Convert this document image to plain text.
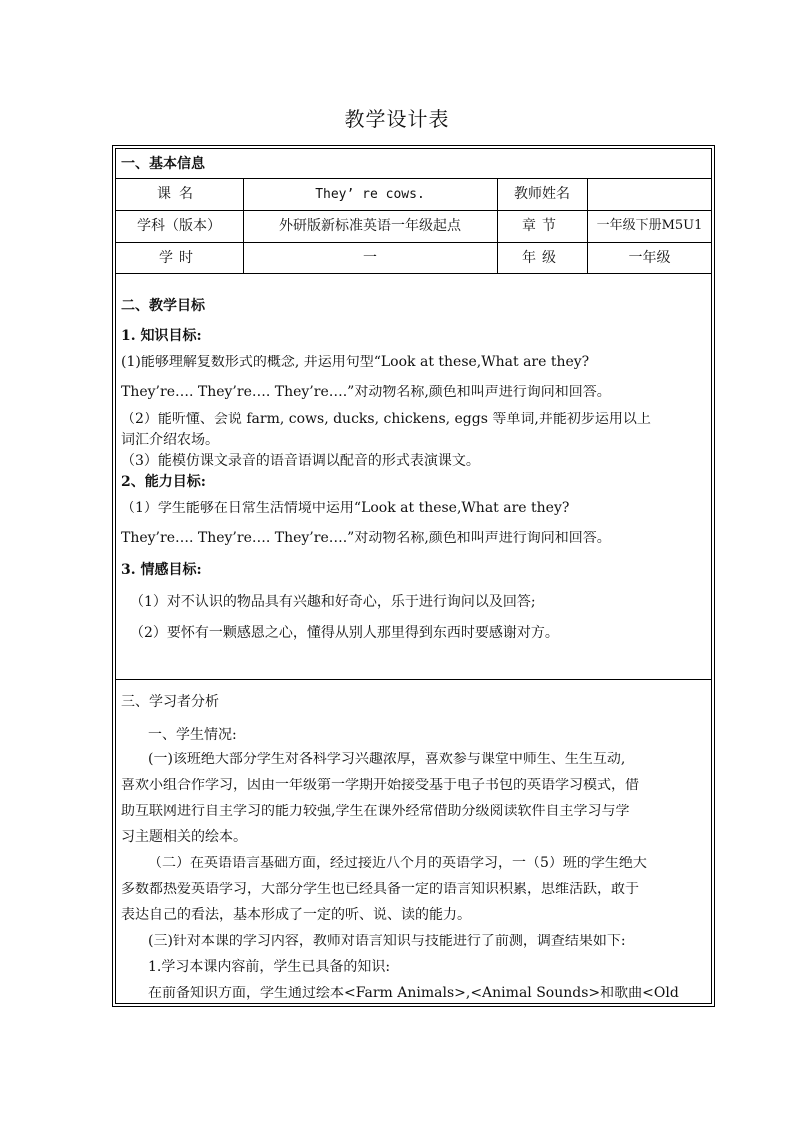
教学设计表
一、基本信息
课名	They’ re cows.	教师姓名
学科（版本）	外研版新标准英语一年级起点	章节	一年级下册M5U1
学时	一	年级	一年级
二、教学目标
1. 知识目标:
(1)能够理解复数形式的概念, 并运用句型“Look at these,What are they?
They’re…. They’re…. They’re….”对动物名称,颜色和叫声进行询问和回答。
（2）能听懂、会说 farm, cows, ducks, chickens, eggs 等单词,并能初步运用以上
词汇介绍农场。
（3）能模仿课文录音的语音语调以配音的形式表演课文。
2、能力目标:
（1）学生能够在日常生活情境中运用“Look at these,What are they?
They’re…. They’re…. They’re….”对动物名称,颜色和叫声进行询问和回答。
3. 情感目标:
（1）对不认识的物品具有兴趣和好奇心，乐于进行询问以及回答;
（2）要怀有一颗感恩之心，懂得从别人那里得到东西时要感谢对方。
三、学习者分析
一、学生情况:
(一)该班绝大部分学生对各科学习兴趣浓厚，喜欢参与课堂中师生、生生互动,
喜欢小组合作学习，因由一年级第一学期开始接受基于电子书包的英语学习模式，借
助互联网进行自主学习的能力较强,学生在课外经常借助分级阅读软件自主学习与学
习主题相关的绘本。
（二）在英语语言基础方面，经过接近八个月的英语学习，一（5）班的学生绝大
多数都热爱英语学习，大部分学生也已经具备一定的语言知识积累，思维活跃，敢于
表达自己的看法，基本形成了一定的听、说、读的能力。
(三)针对本课的学习内容，教师对语言知识与技能进行了前测，调查结果如下:
1.学习本课内容前，学生已具备的知识:
在前备知识方面，学生通过绘本<Farm Animals>,<Animal Sounds>和歌曲<Old
